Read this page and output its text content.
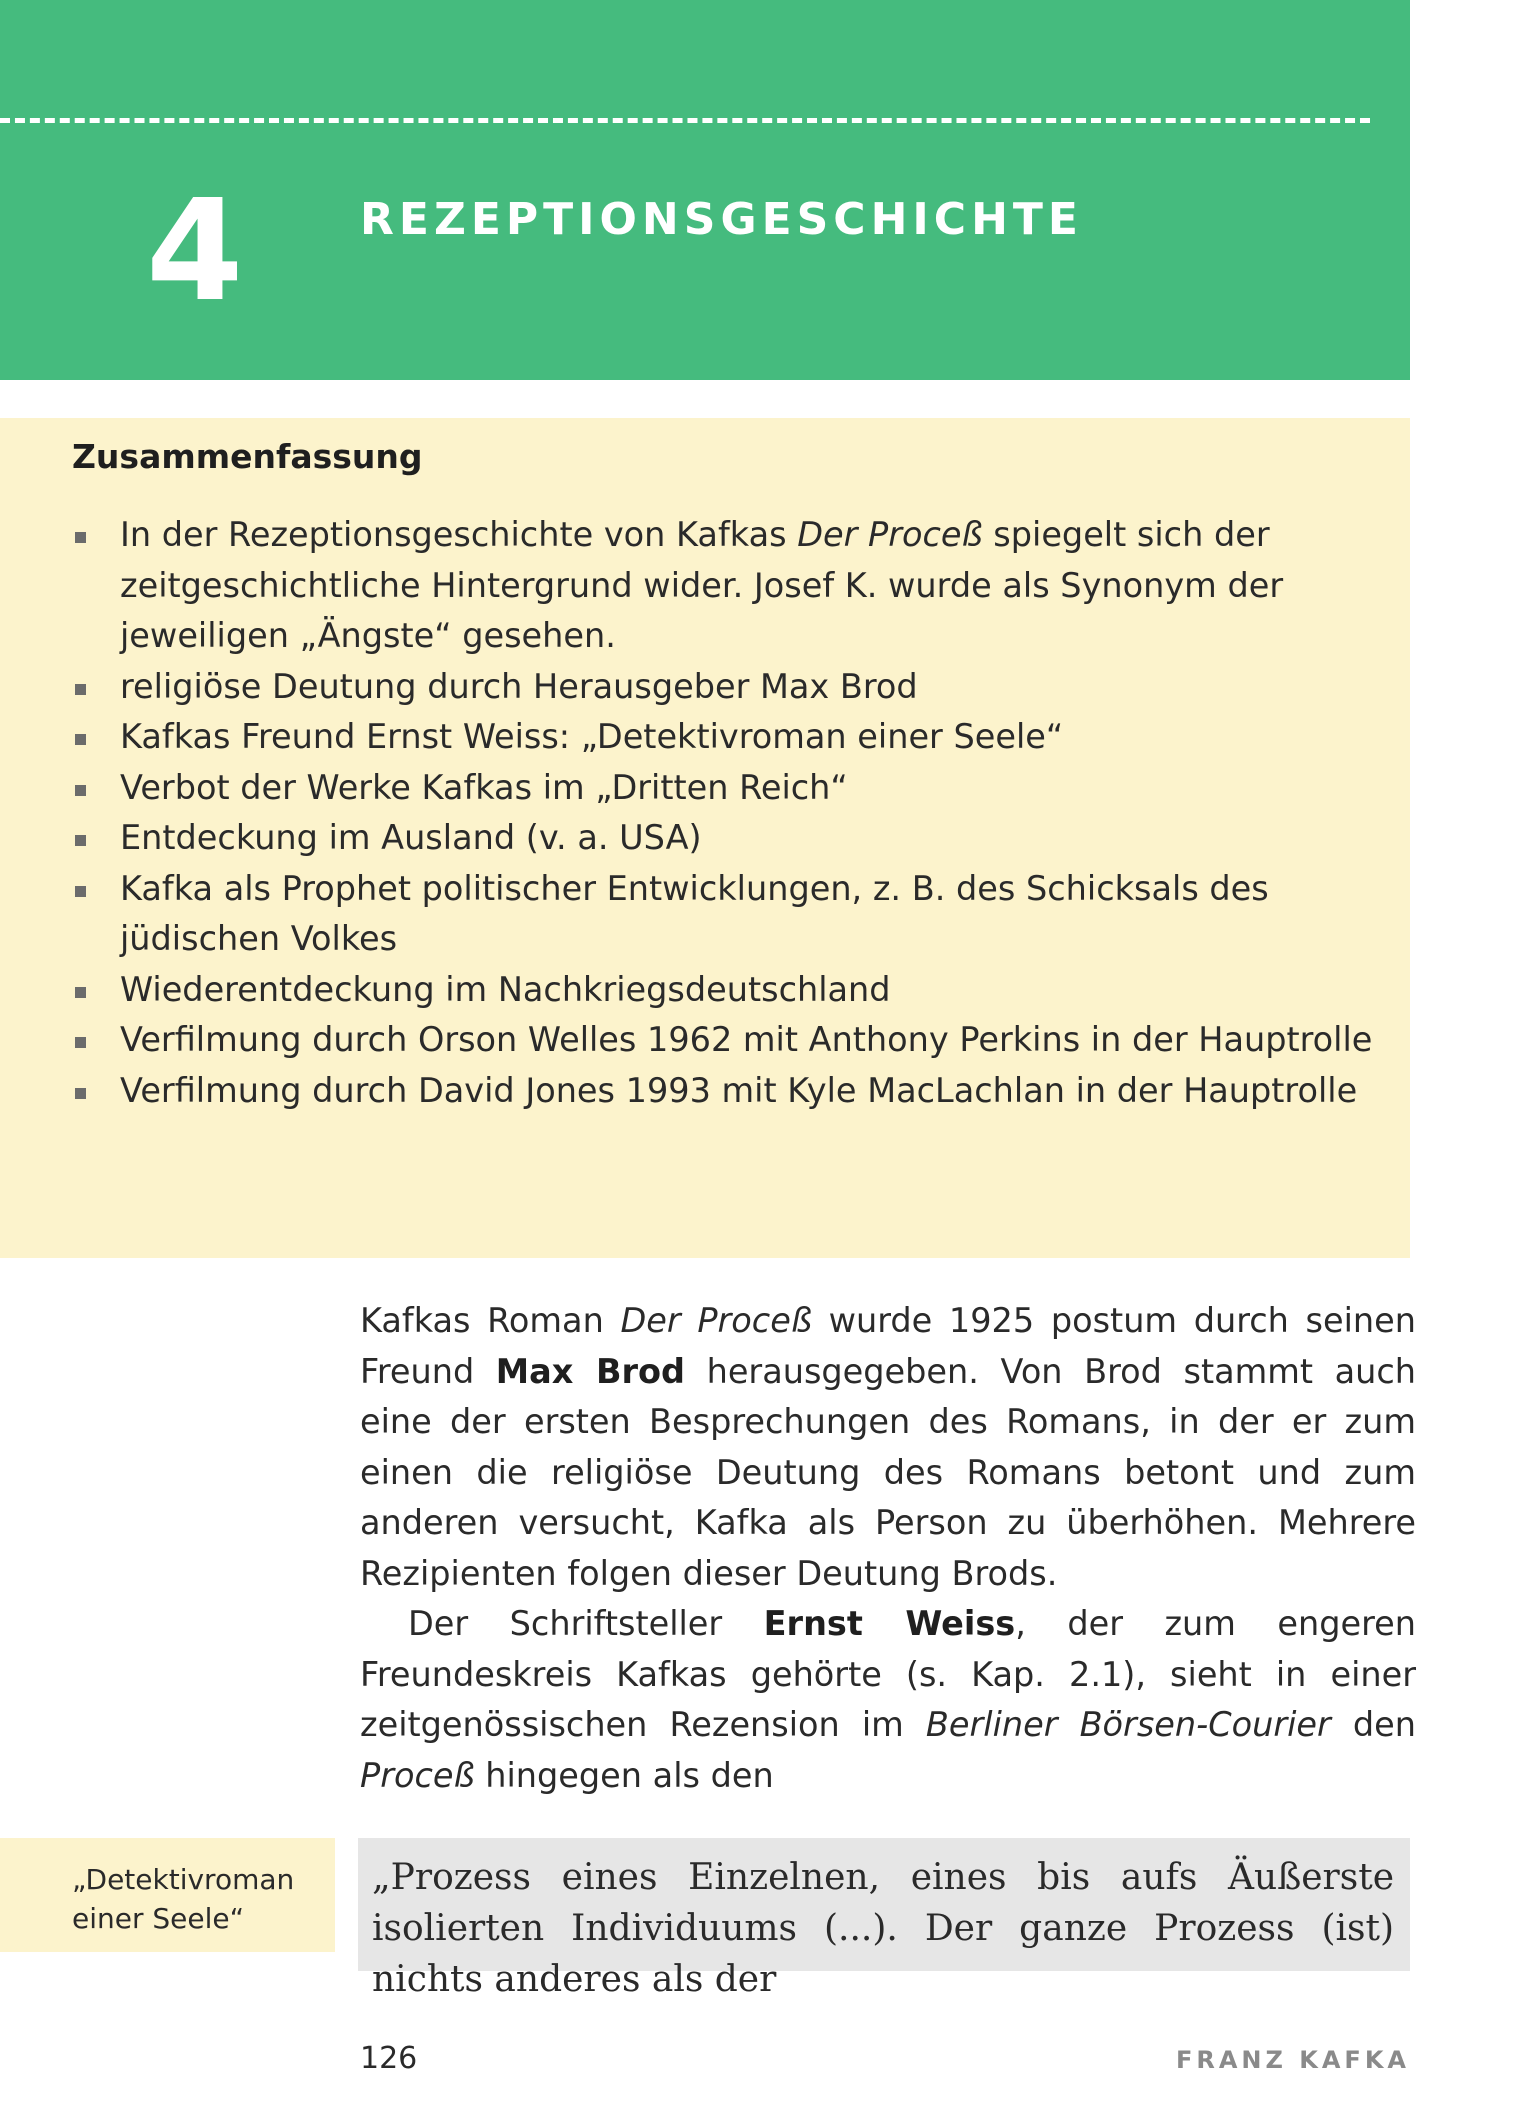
4	REZEPTIONSGESCHICHTE
Zusammenfassung
In der Rezeptionsgeschichte von Kafkas Der Proceß spiegelt sich der zeitgeschichtliche Hintergrund wider. Josef K. wurde als Synonym der jeweiligen „Ängste“ gesehen.
religiöse Deutung durch Herausgeber Max Brod
Kafkas Freund Ernst Weiss: „Detektivroman einer Seele“
Verbot der Werke Kafkas im „Dritten Reich“
Entdeckung im Ausland (v. a. USA)
Kafka als Prophet politischer Entwicklungen, z. B. des Schicksals des jüdischen Volkes
Wiederentdeckung im Nachkriegsdeutschland
Verfilmung durch Orson Welles 1962 mit Anthony Perkins in der Hauptrolle
Verfilmung durch David Jones 1993 mit Kyle MacLachlan in der Hauptrolle

Kafkas Roman Der Proceß wurde 1925 postum durch seinen Freund Max Brod herausgegeben. Von Brod stammt auch eine der ersten Besprechungen des Romans, in der er zum einen die religiöse Deutung des Romans betont und zum anderen versucht, Kafka als Person zu überhöhen. Mehrere Rezipienten folgen dieser Deutung Brods.

Der Schriftsteller Ernst Weiss, der zum engeren Freundeskreis Kafkas gehörte (s. Kap. 2.1), sieht in einer zeitgenössischen Rezension im Berliner Börsen-Courier den Proceß hingegen als den

„Detektivroman einer Seele“
„Prozess eines Einzelnen, eines bis aufs Äußerste isolierten Individuums (...). Der ganze Prozess (ist) nichts anderes als der
126	FRANZ KAFKA
